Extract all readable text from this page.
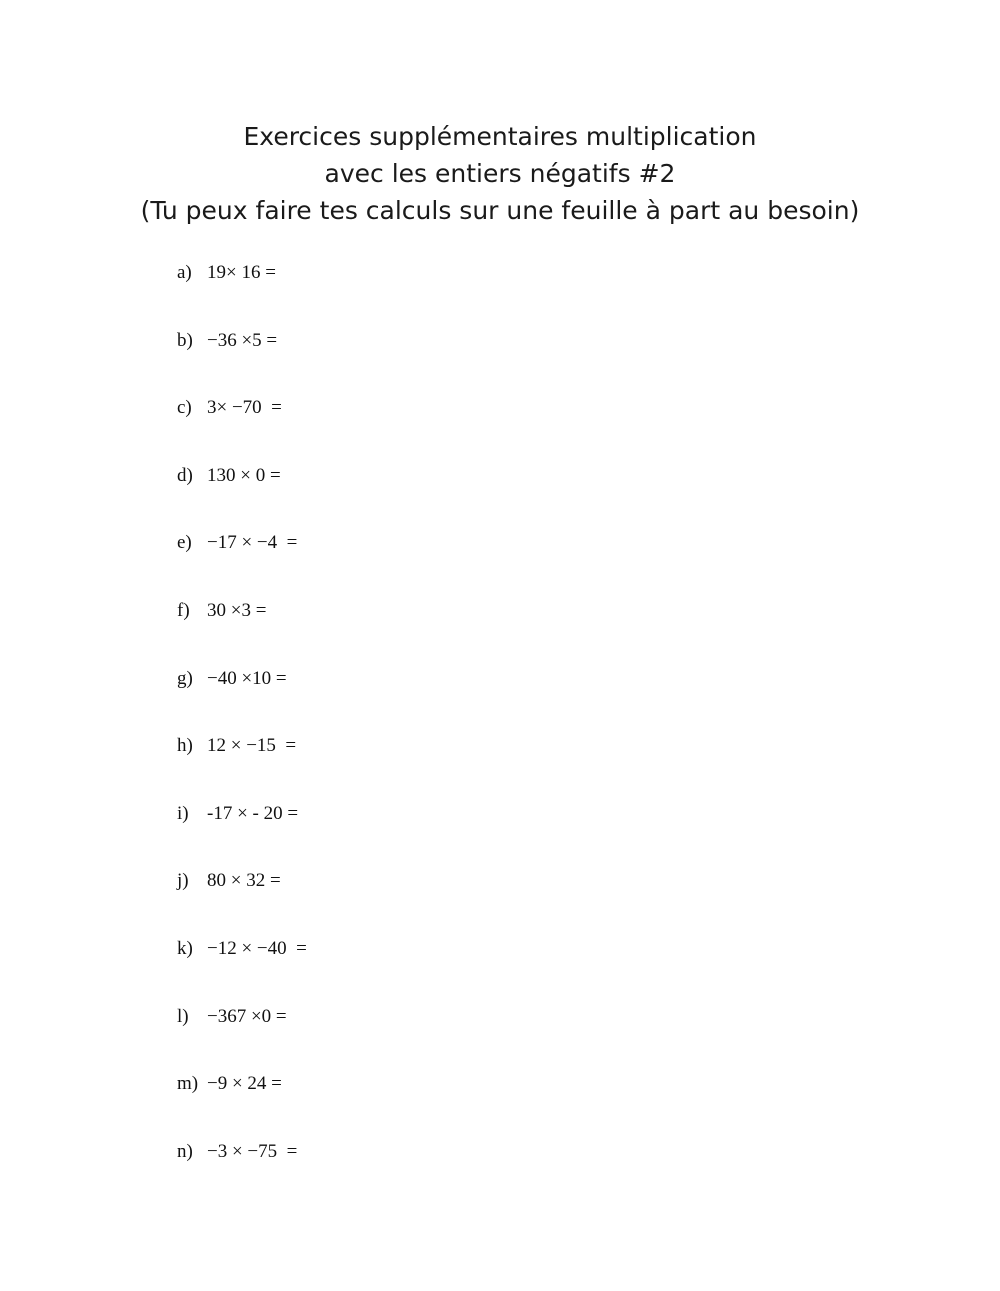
Exercices supplémentaires multiplication
avec les entiers négatifs #2
(Tu peux faire tes calculs sur une feuille à part au besoin)
a) 19× 16 =
b) −36 ×5 =
c) 3× −70  =
d) 130 × 0 =
e) −17 × −4  =
f) 30 ×3 =
g) −40 ×10 =
h) 12 × −15  =
i) -17 × - 20 =
j) 80 × 32 =
k) −12 × −40  =
l) −367 ×0 =
m) −9 × 24 =
n) −3 × −75  =
